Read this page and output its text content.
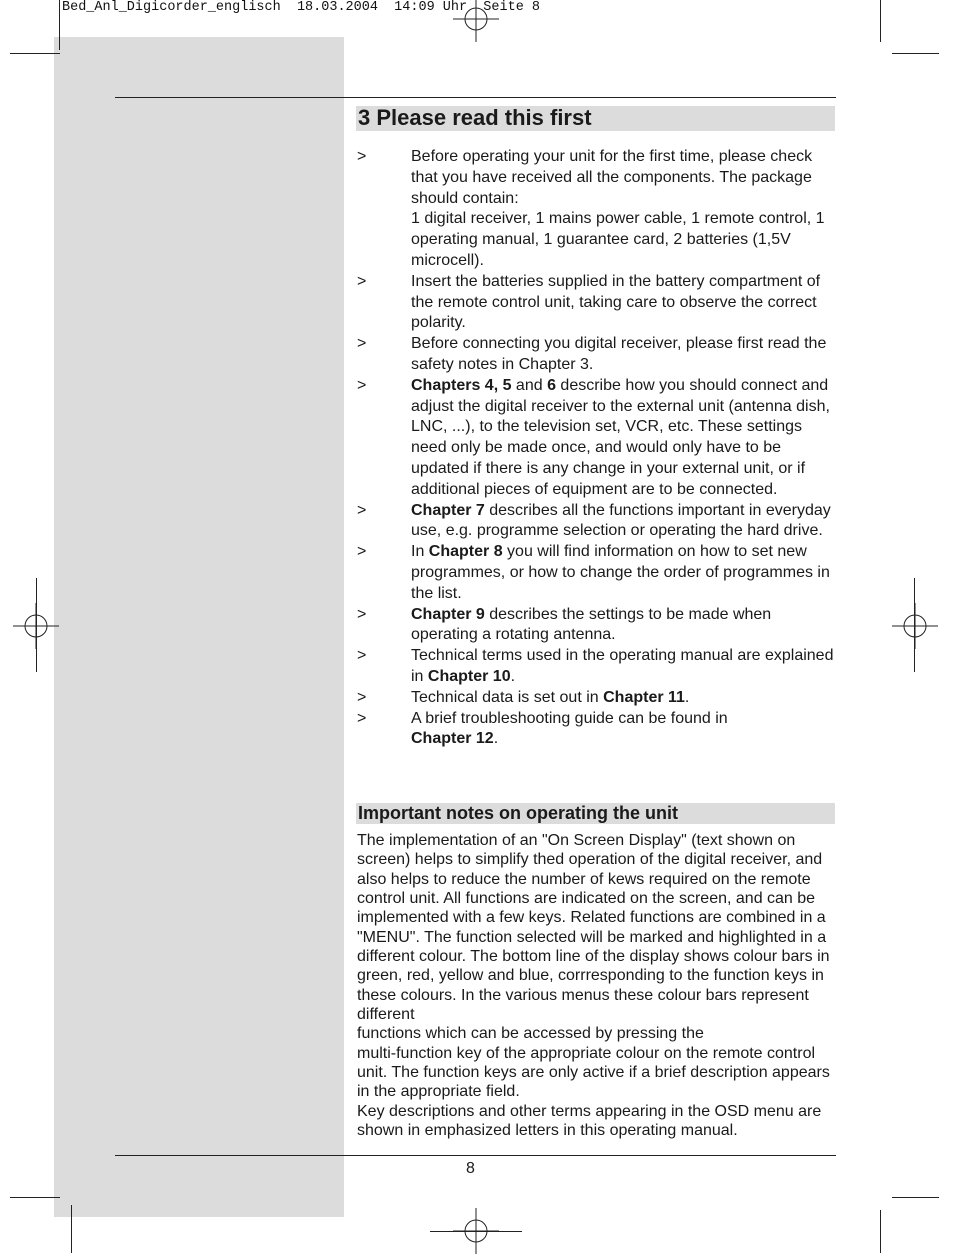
Bed_Anl_Digicorder_englisch 18.03.2004 14:09 Uhr Seite 8
3 Please read this first
>	Before operating your unit for the first time, please check that you have received all the components. The package should contain:
1 digital receiver, 1 mains power cable, 1 remote control, 1 operating manual, 1 guarantee card, 2 batteries (1,5V microcell).
>	Insert the batteries supplied in the battery compartment of the remote control unit, taking care to observe the correct polarity.
>	Before connecting you digital receiver, please first read the safety notes in Chapter 3.
>	Chapters 4, 5 and 6 describe how you should connect and adjust the digital receiver to the external unit (antenna dish, LNC, ...), to the television set, VCR, etc. These settings need only be made once, and would only have to be updated if there is any change in your external unit, or if additional pieces of equipment are to be connected.
>	Chapter 7 describes all the functions important in everyday use, e.g. programme selection or operating the hard drive.
>	In Chapter 8 you will find information on how to set new programmes, or how to change the order of programmes in the list.
>	Chapter 9 describes the settings to be made when operating a rotating antenna.
>	Technical terms used in the operating manual are explained in Chapter 10.
>	Technical data is set out in Chapter 11.
>	A brief troubleshooting guide can be found in
Chapter 12.
Important notes on operating the unit
The implementation of an "On Screen Display" (text shown on screen) helps to simplify thed operation of the digital receiver, and also helps to reduce the number of kews required on the remote control unit. All functions are indicated on the screen, and can be implemented with a few keys. Related functions are combined in a "MENU". The function selected will be marked and highlighted in a different colour. The bottom line of the display shows colour bars in green, red, yellow and blue, corrresponding to the function keys in these colours. In the various menus these colour bars represent different
functions which can be accessed by pressing the
multi-function key of the appropriate colour on the remote control unit. The function keys are only active if a brief description appears in the appropriate field.
Key descriptions and other terms appearing in the OSD menu are shown in emphasized letters in this operating manual.
8
